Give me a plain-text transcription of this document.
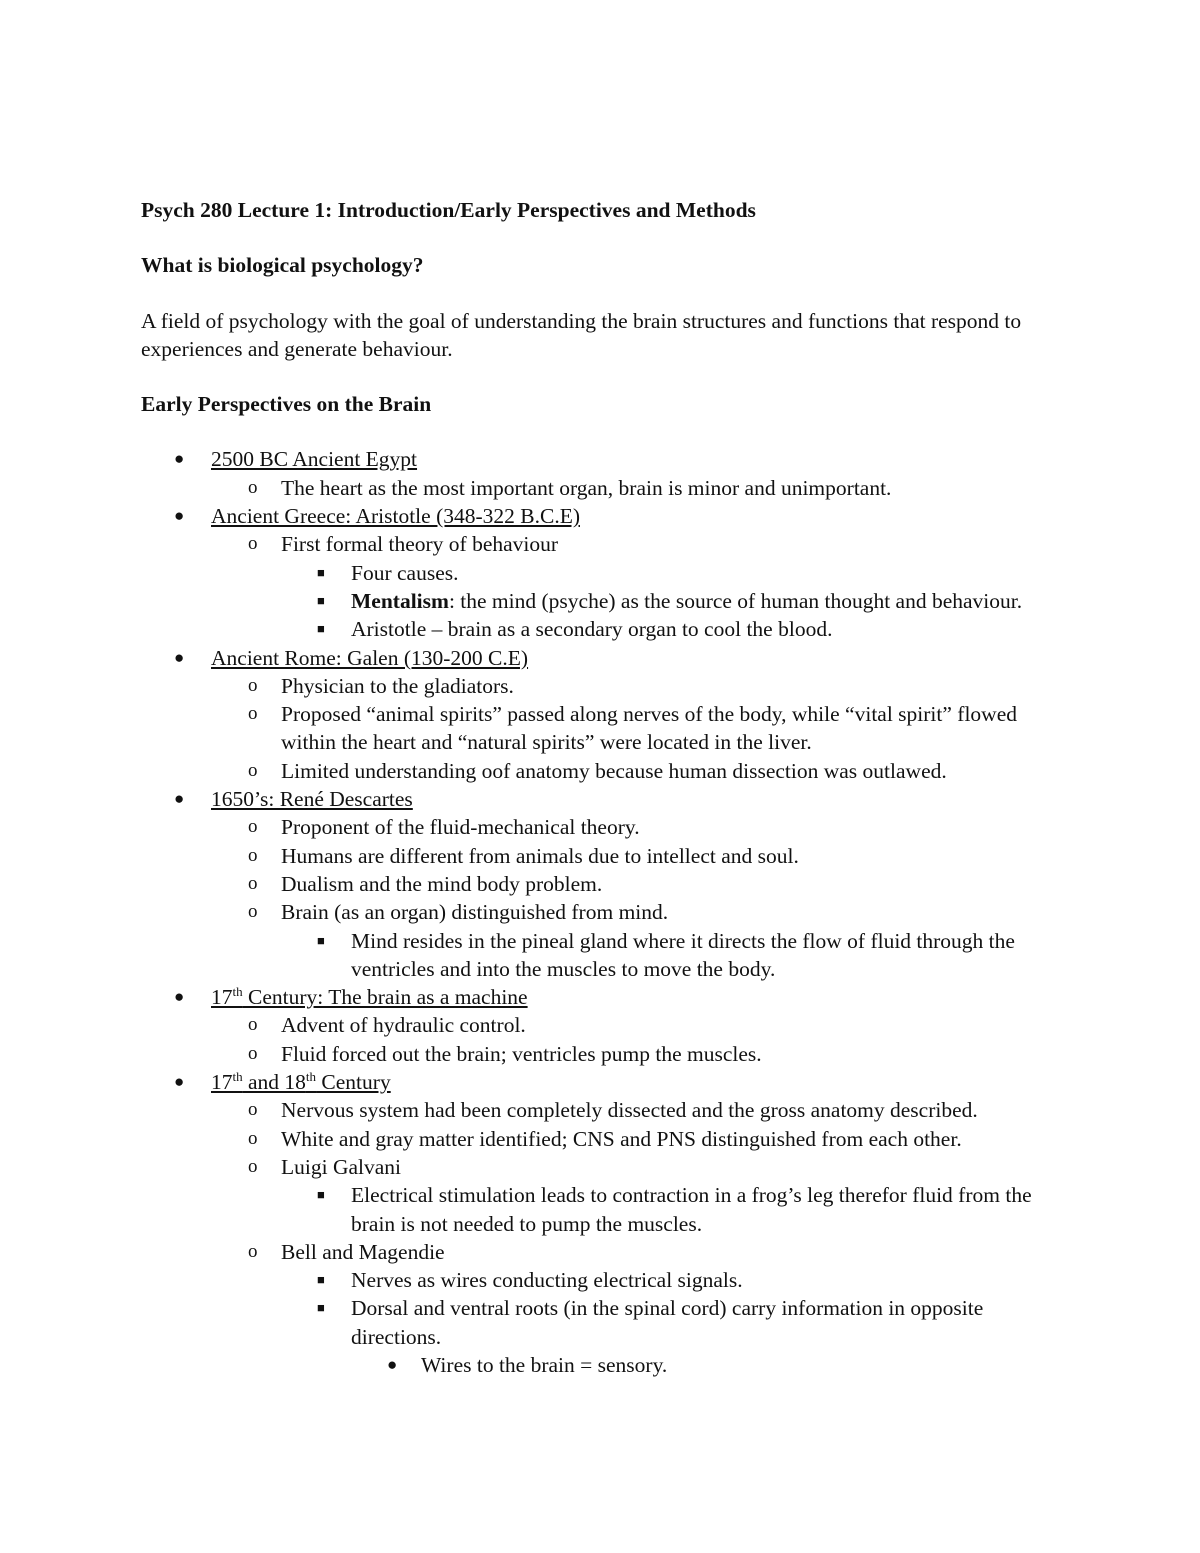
Psych 280 Lecture 1: Introduction/Early Perspectives and Methods
What is biological psychology?
A field of psychology with the goal of understanding the brain structures and functions that respond to experiences and generate behaviour.
Early Perspectives on the Brain
● 2500 BC Ancient Egypt
o The heart as the most important organ, brain is minor and unimportant.
● Ancient Greece: Aristotle (348-322 B.C.E)
o First formal theory of behaviour
■ Four causes.
■ Mentalism: the mind (psyche) as the source of human thought and behaviour.
■ Aristotle – brain as a secondary organ to cool the blood.
● Ancient Rome: Galen (130-200 C.E)
o Physician to the gladiators.
o Proposed “animal spirits” passed along nerves of the body, while “vital spirit” flowed within the heart and “natural spirits” were located in the liver.
o Limited understanding oof anatomy because human dissection was outlawed.
● 1650’s: René Descartes
o Proponent of the fluid-mechanical theory.
o Humans are different from animals due to intellect and soul.
o Dualism and the mind body problem.
o Brain (as an organ) distinguished from mind.
■ Mind resides in the pineal gland where it directs the flow of fluid through the ventricles and into the muscles to move the body.
● 17th Century: The brain as a machine
o Advent of hydraulic control.
o Fluid forced out the brain; ventricles pump the muscles.
● 17th and 18th Century
o Nervous system had been completely dissected and the gross anatomy described.
o White and gray matter identified; CNS and PNS distinguished from each other.
o Luigi Galvani
■ Electrical stimulation leads to contraction in a frog’s leg therefor fluid from the brain is not needed to pump the muscles.
o Bell and Magendie
■ Nerves as wires conducting electrical signals.
■ Dorsal and ventral roots (in the spinal cord) carry information in opposite directions.
● Wires to the brain = sensory.
